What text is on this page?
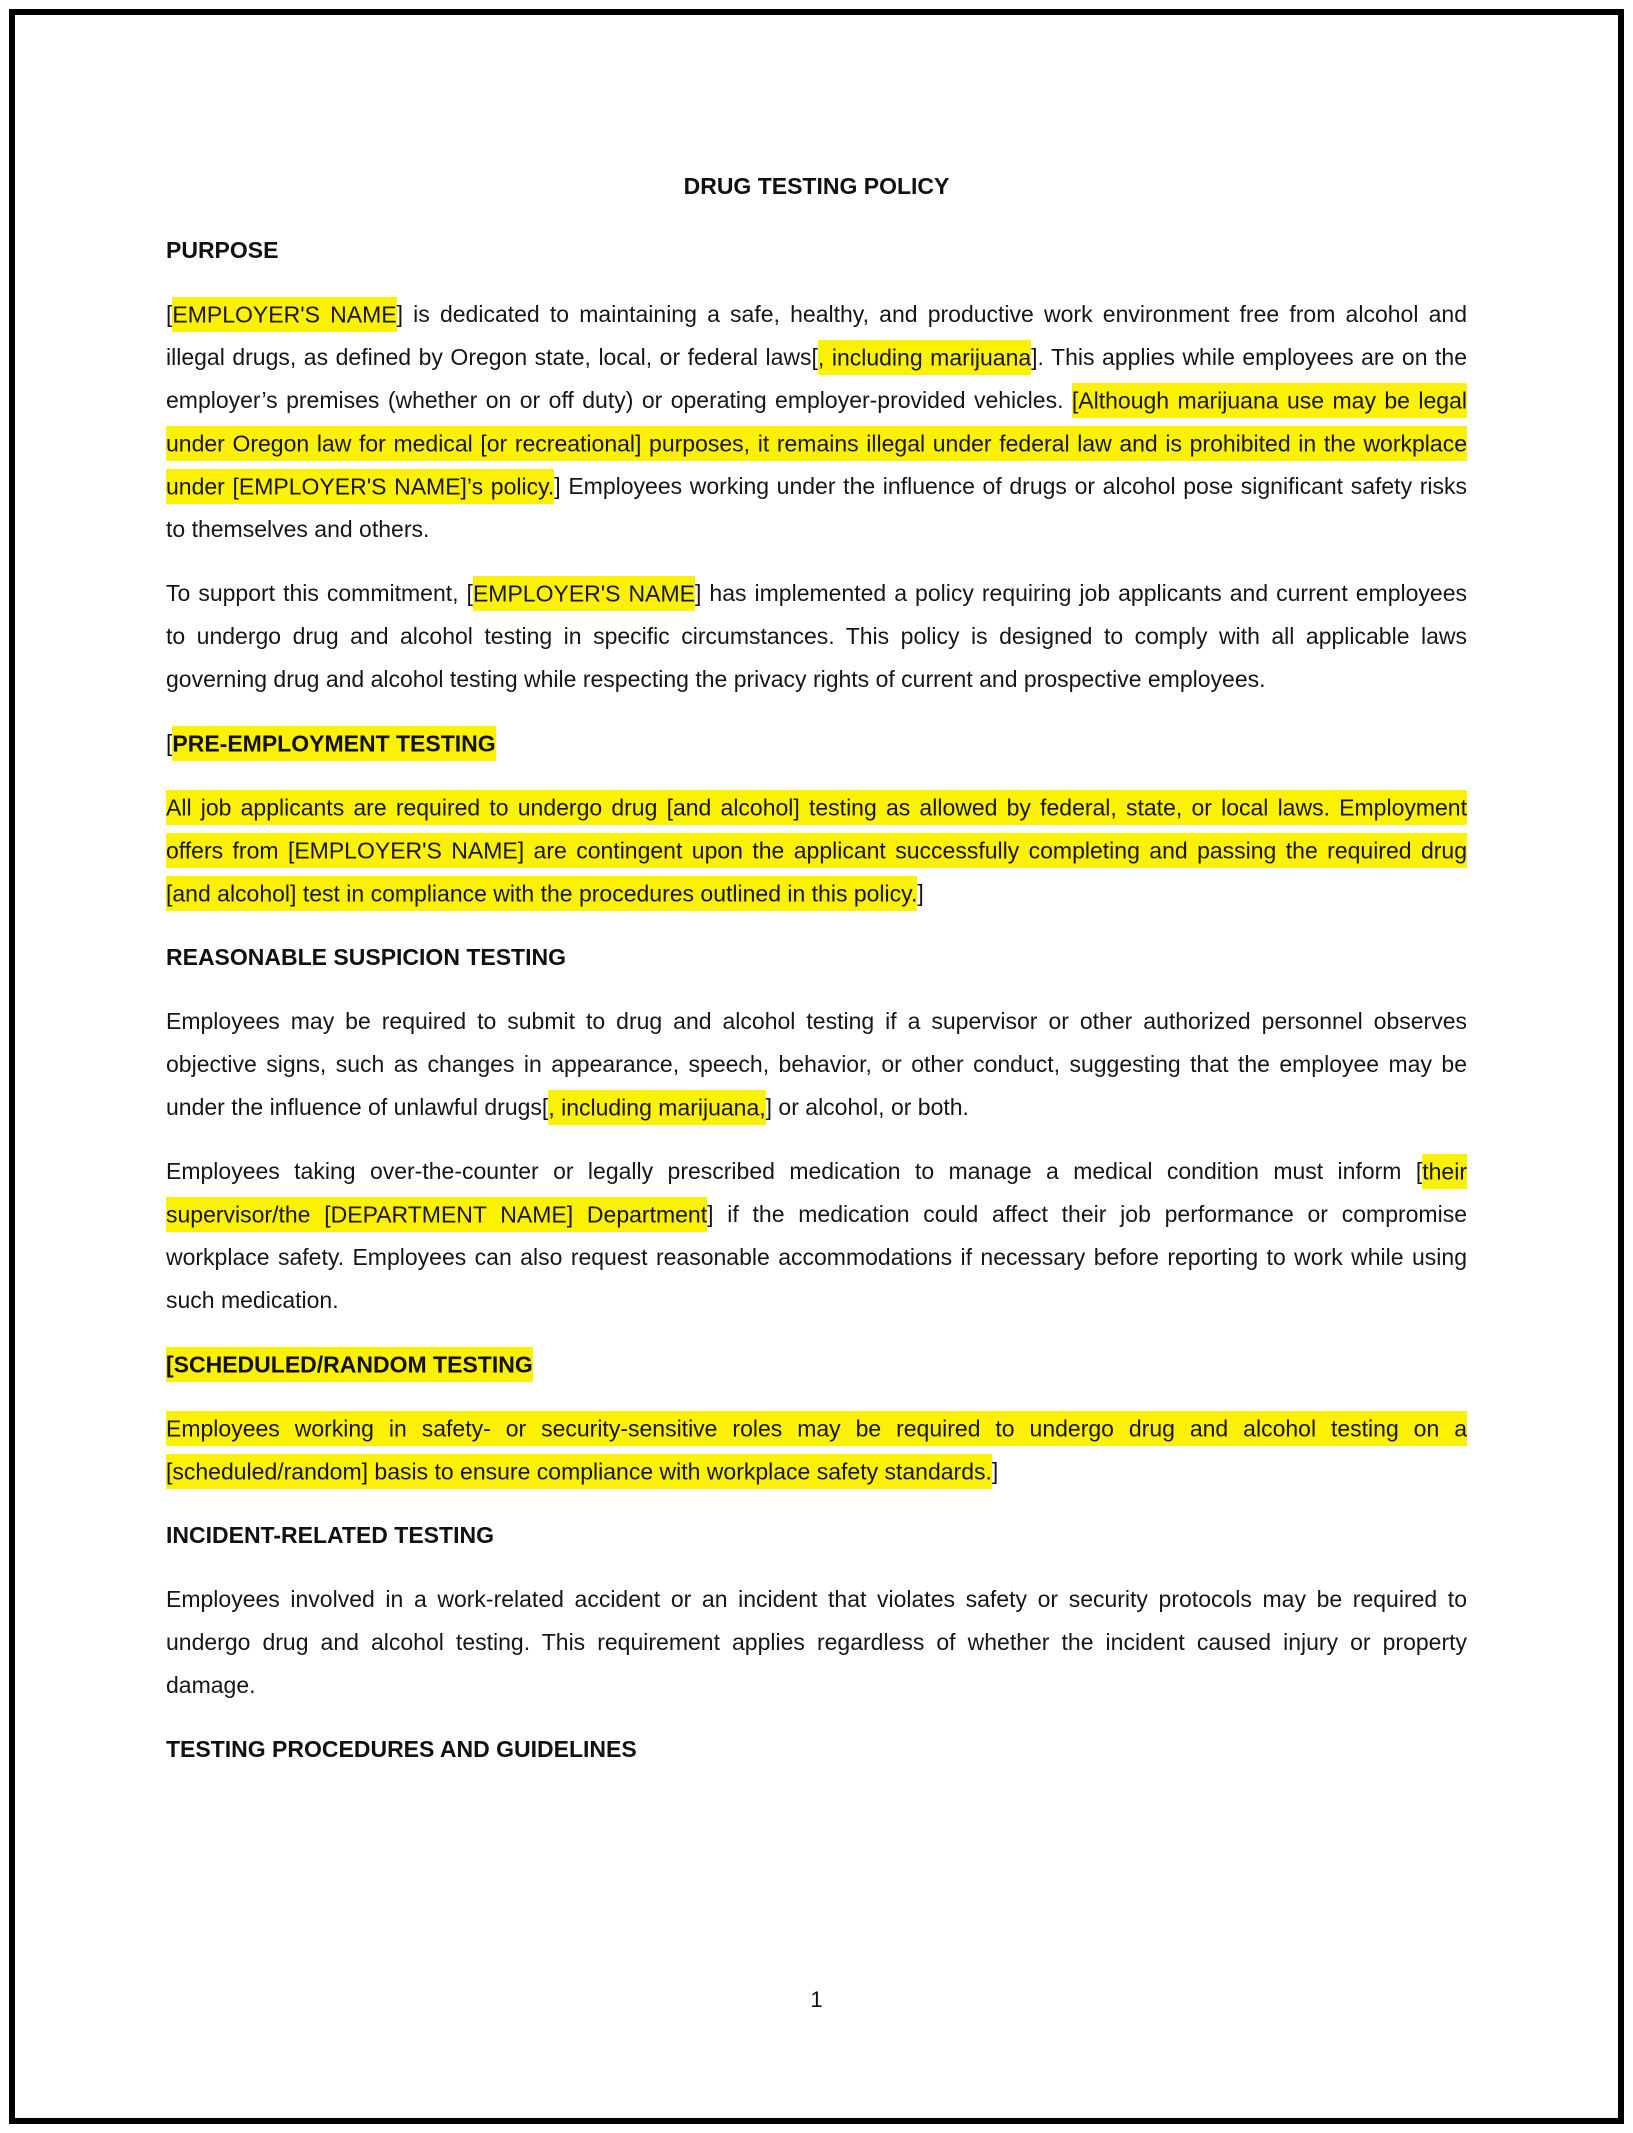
DRUG TESTING POLICY
PURPOSE

[EMPLOYER'S NAME] is dedicated to maintaining a safe, healthy, and productive work environment free from alcohol and illegal drugs, as defined by Oregon state, local, or federal laws[, including marijuana]. This applies while employees are on the employer’s premises (whether on or off duty) or operating employer-provided vehicles. [Although marijuana use may be legal under Oregon law for medical [or recreational] purposes, it remains illegal under federal law and is prohibited in the workplace under [EMPLOYER'S NAME]’s policy.] Employees working under the influence of drugs or alcohol pose significant safety risks to themselves and others.

To support this commitment, [EMPLOYER'S NAME] has implemented a policy requiring job applicants and current employees to undergo drug and alcohol testing in specific circumstances. This policy is designed to comply with all applicable laws governing drug and alcohol testing while respecting the privacy rights of current and prospective employees.

[PRE-EMPLOYMENT TESTING

All job applicants are required to undergo drug [and alcohol] testing as allowed by federal, state, or local laws. Employment offers from [EMPLOYER'S NAME] are contingent upon the applicant successfully completing and passing the required drug [and alcohol] test in compliance with the procedures outlined in this policy.]

REASONABLE SUSPICION TESTING

Employees may be required to submit to drug and alcohol testing if a supervisor or other authorized personnel observes objective signs, such as changes in appearance, speech, behavior, or other conduct, suggesting that the employee may be under the influence of unlawful drugs[, including marijuana,] or alcohol, or both.

Employees taking over-the-counter or legally prescribed medication to manage a medical condition must inform [their supervisor/the [DEPARTMENT NAME] Department] if the medication could affect their job performance or compromise workplace safety. Employees can also request reasonable accommodations if necessary before reporting to work while using such medication.

[SCHEDULED/RANDOM TESTING

Employees working in safety- or security-sensitive roles may be required to undergo drug and alcohol testing on a [scheduled/random] basis to ensure compliance with workplace safety standards.]

INCIDENT-RELATED TESTING

Employees involved in a work-related accident or an incident that violates safety or security protocols may be required to undergo drug and alcohol testing. This requirement applies regardless of whether the incident caused injury or property damage.

TESTING PROCEDURES AND GUIDELINES
1
